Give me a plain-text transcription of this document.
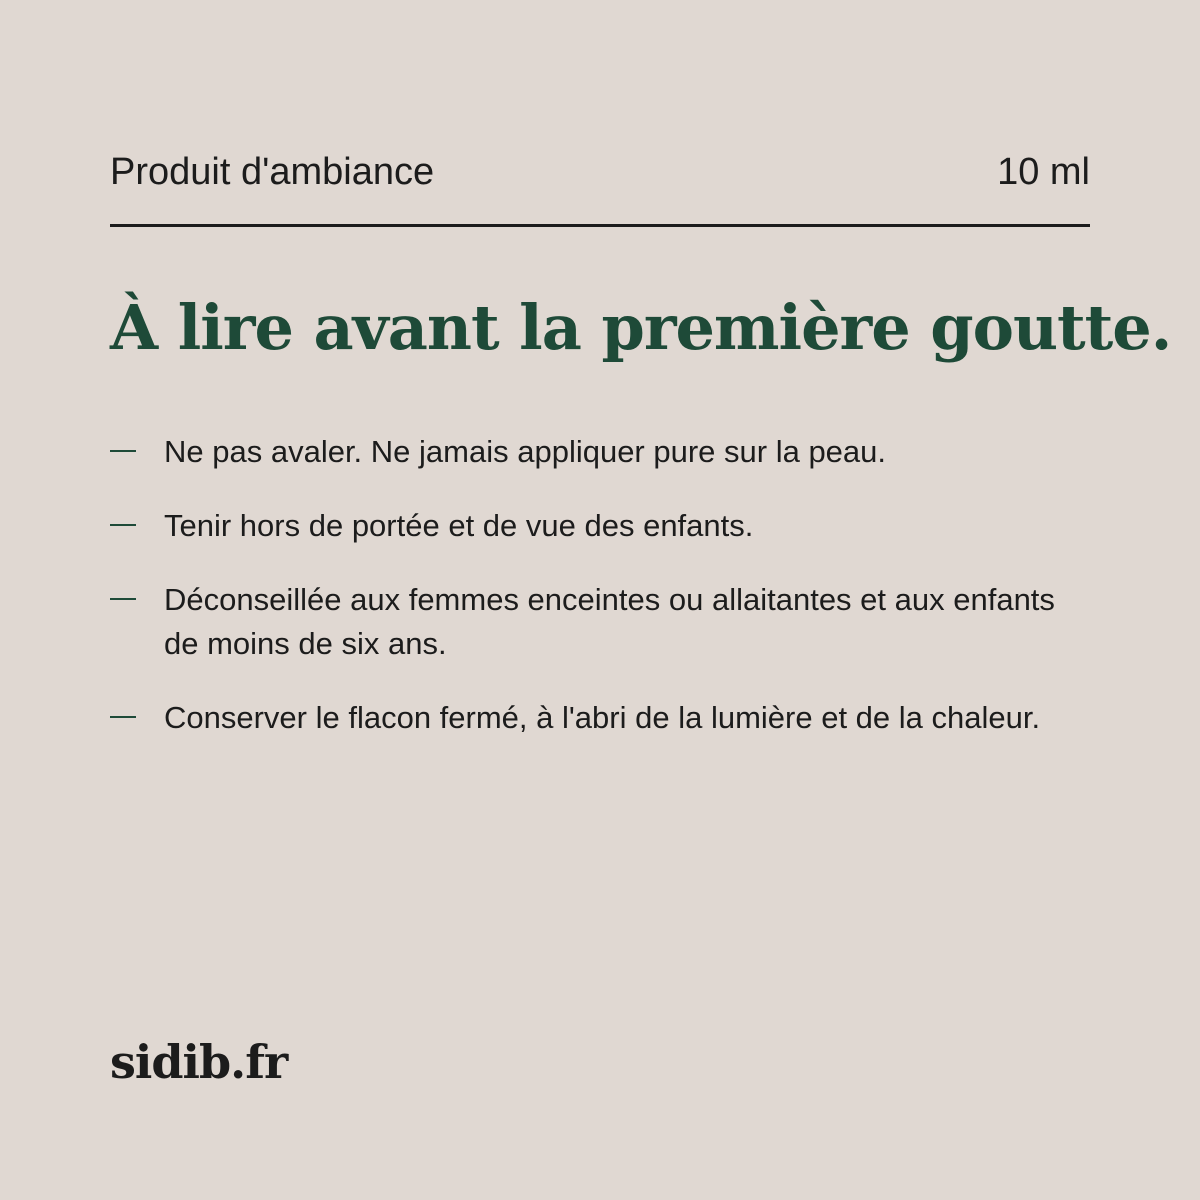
Produit d'ambiance	10 ml
À lire avant la première goutte.
Ne pas avaler. Ne jamais appliquer pure sur la peau.
Tenir hors de portée et de vue des enfants.
Déconseillée aux femmes enceintes ou allaitantes et aux enfants de moins de six ans.
Conserver le flacon fermé, à l'abri de la lumière et de la chaleur.
sidib.fr
